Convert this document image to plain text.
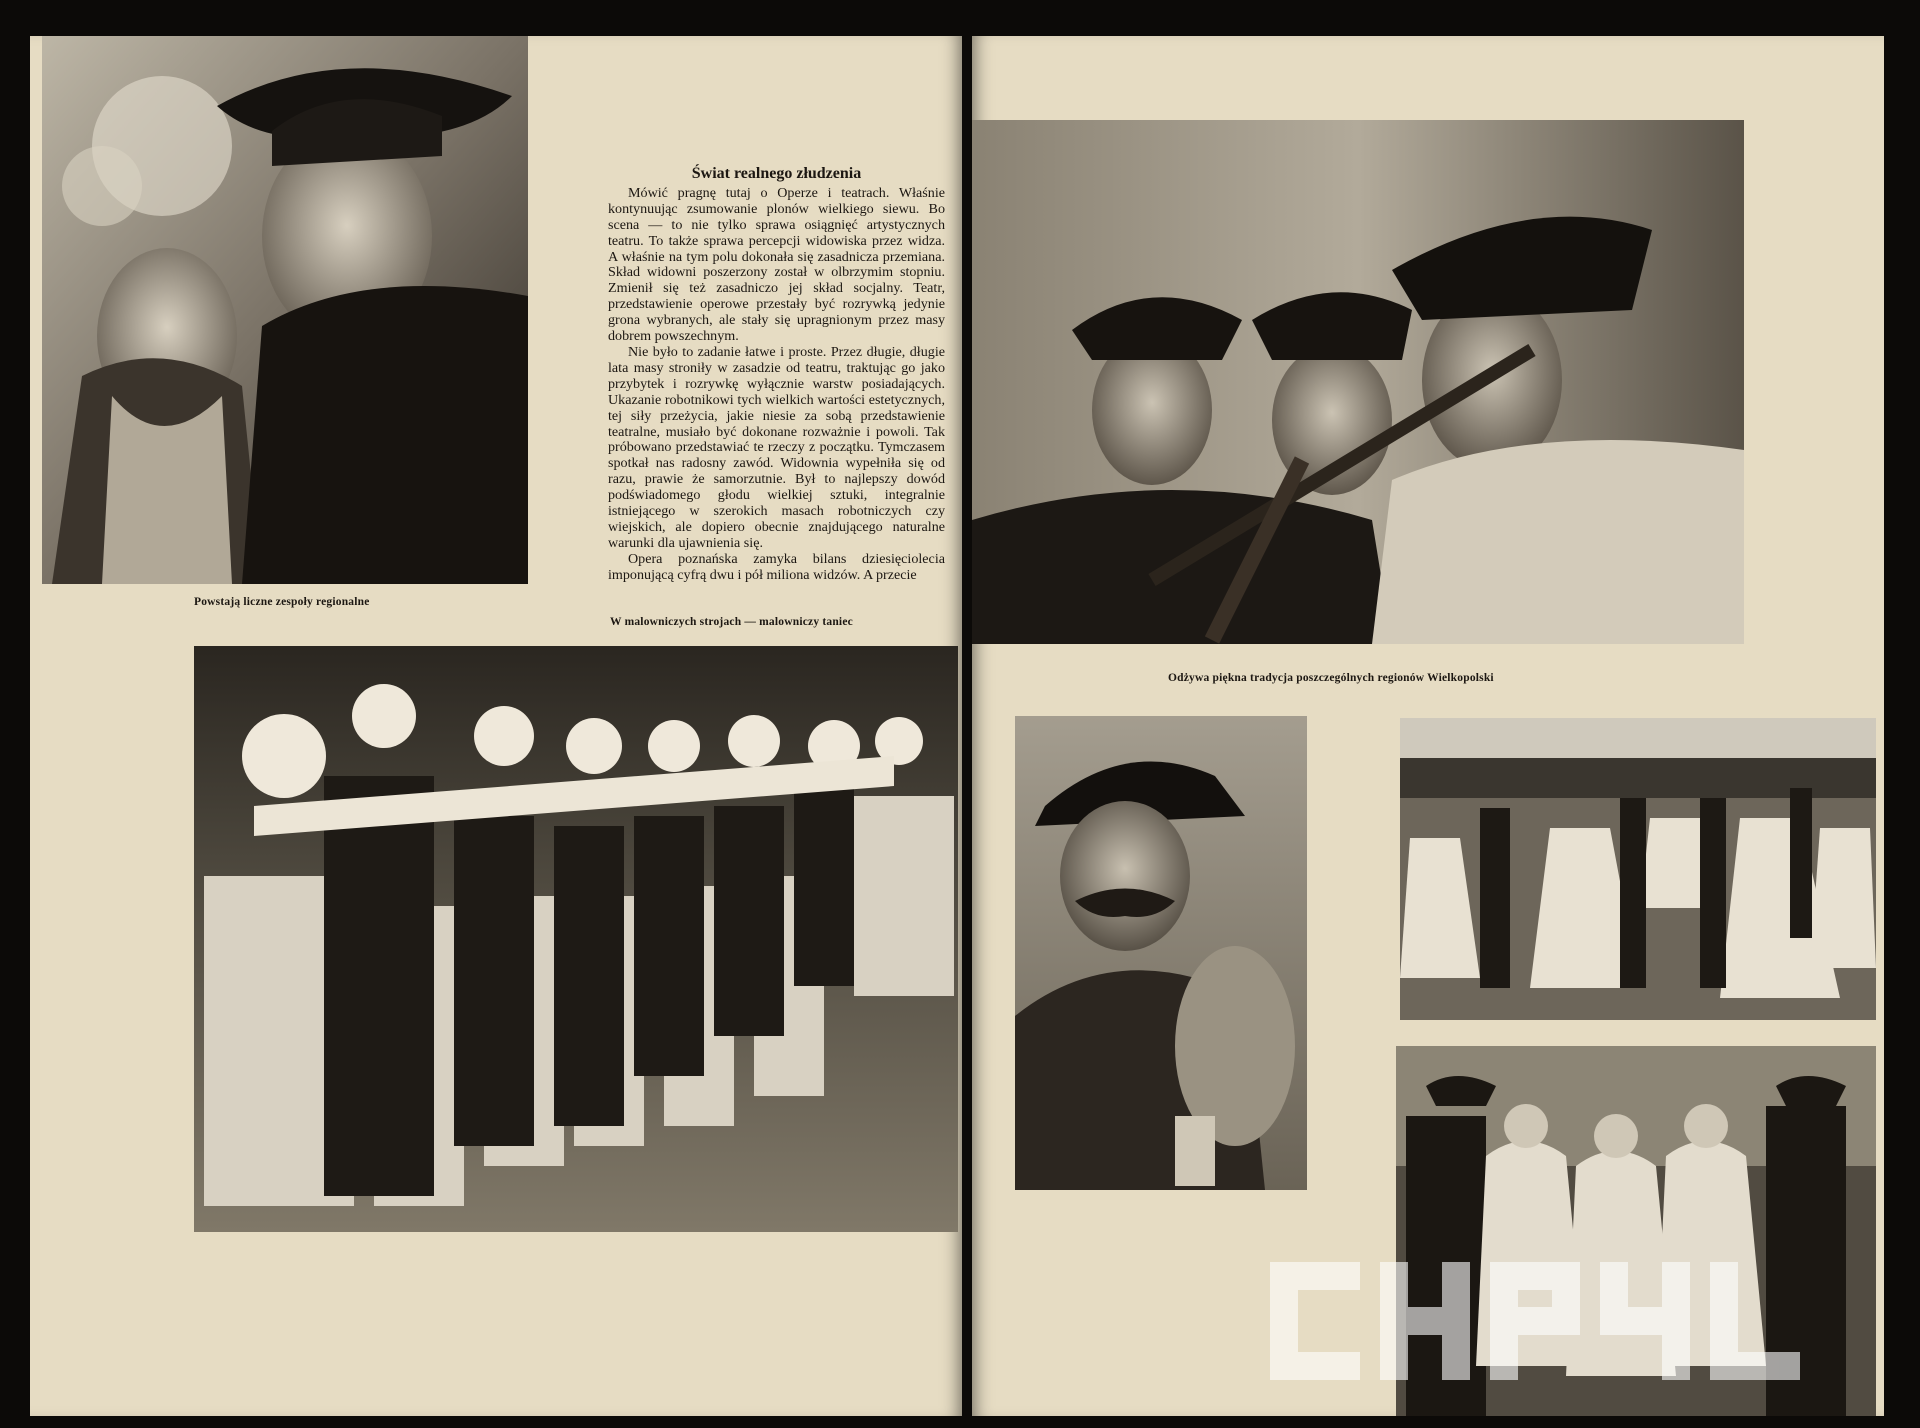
Powstają liczne zespoły regionalne
Świat realnego złudzenia

Mówić pragnę tutaj o Operze i teatrach. Właśnie kontynuując zsumowanie plonów wielkiego siewu. Bo scena — to nie tylko sprawa osiągnięć artystycznych teatru. To także sprawa percepcji widowiska przez widza. A właśnie na tym polu dokonała się zasadnicza przemiana. Skład widowni poszerzony został w olbrzymim stopniu. Zmienił się też zasadniczo jej skład socjalny. Teatr, przedstawienie operowe przestały być rozrywką jedynie grona wybranych, ale stały się upragnionym przez masy dobrem powszechnym.

Nie było to zadanie łatwe i proste. Przez długie, długie lata masy stroniły w zasadzie od teatru, traktując go jako przybytek i rozrywkę wyłącznie warstw posiadających. Ukazanie robotnikowi tych wielkich wartości estetycznych, tej siły przeżycia, jakie niesie za sobą przedstawienie teatralne, musiało być dokonane rozważnie i powoli. Tak próbowano przedstawiać te rzeczy z początku. Tymczasem spotkał nas radosny zawód. Widownia wypełniła się od razu, prawie że samorzutnie. Był to najlepszy dowód podświadomego głodu wielkiej sztuki, integralnie istniejącego w szerokich masach robotniczych czy wiejskich, ale dopiero obecnie znajdującego naturalne warunki dla ujawnienia się.

Opera poznańska zamyka bilans dziesięciolecia imponującą cyfrą dwu i pół miliona widzów. A przecie

W malowniczych strojach — malowniczy taniec
Odżywa piękna tradycja poszczególnych regionów Wielkopolski
